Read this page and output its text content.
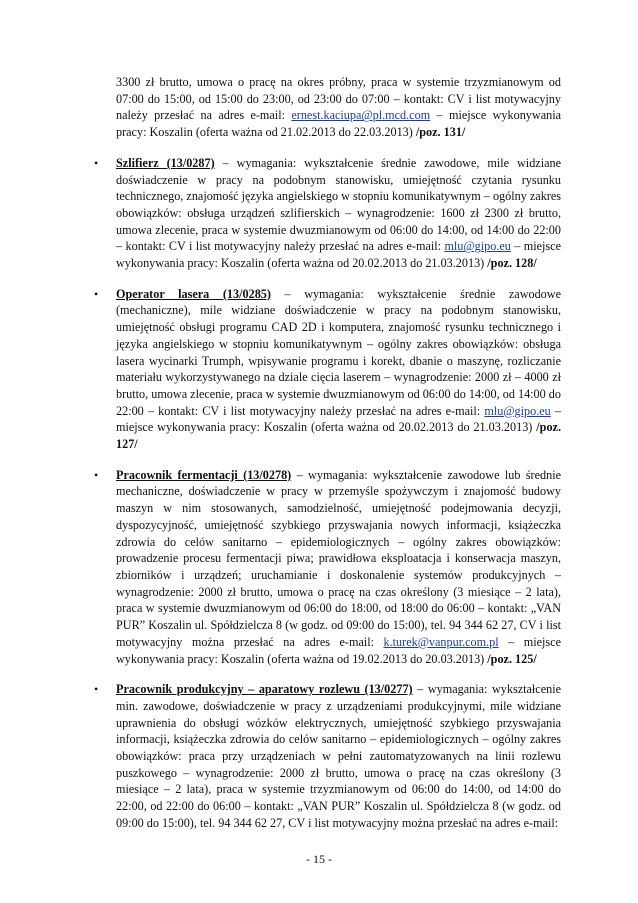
3300 zł brutto, umowa o pracę na okres próbny, praca w systemie trzyzmianowym od 07:00 do 15:00, od 15:00 do 23:00, od 23:00 do 07:00 – kontakt: CV i list motywacyjny należy przesłać na adres e-mail: ernest.kaciupa@pl.mcd.com – miejsce wykonywania pracy: Koszalin (oferta ważna od 21.02.2013 do 22.03.2013) /poz. 131/

• Szlifierz (13/0287) – wymagania: wykształcenie średnie zawodowe, mile widziane doświadczenie w pracy na podobnym stanowisku, umiejętność czytania rysunku technicznego, znajomość języka angielskiego w stopniu komunikatywnym – ogólny zakres obowiązków: obsługa urządzeń szlifierskich – wynagrodzenie: 1600 zł 2300 zł brutto, umowa zlecenie, praca w systemie dwuzmianowym od 06:00 do 14:00, od 14:00 do 22:00 – kontakt: CV i list motywacyjny należy przesłać na adres e-mail: mlu@gipo.eu – miejsce wykonywania pracy: Koszalin (oferta ważna od 20.02.2013 do 21.03.2013) /poz. 128/

• Operator lasera (13/0285) – wymagania: wykształcenie średnie zawodowe (mechaniczne), mile widziane doświadczenie w pracy na podobnym stanowisku, umiejętność obsługi programu CAD 2D i komputera, znajomość rysunku technicznego i języka angielskiego w stopniu komunikatywnym – ogólny zakres obowiązków: obsługa lasera wycinarki Trumph, wpisywanie programu i korekt, dbanie o maszynę, rozliczanie materiału wykorzystywanego na dziale cięcia laserem – wynagrodzenie: 2000 zł – 4000 zł brutto, umowa zlecenie, praca w systemie dwuzmianowym od 06:00 do 14:00, od 14:00 do 22:00 – kontakt: CV i list motywacyjny należy przesłać na adres e-mail: mlu@gipo.eu – miejsce wykonywania pracy: Koszalin (oferta ważna od 20.02.2013 do 21.03.2013) /poz. 127/

• Pracownik fermentacji (13/0278) – wymagania: wykształcenie zawodowe lub średnie mechaniczne, doświadczenie w pracy w przemyśle spożywczym i znajomość budowy maszyn w nim stosowanych, samodzielność, umiejętność podejmowania decyzji, dyspozycyjność, umiejętność szybkiego przyswajania nowych informacji, książeczka zdrowia do celów sanitarno – epidemiologicznych – ogólny zakres obowiązków: prowadzenie procesu fermentacji piwa; prawidłowa eksploatacja i konserwacja maszyn, zbiorników i urządzeń; uruchamianie i doskonalenie systemów produkcyjnych – wynagrodzenie: 2000 zł brutto, umowa o pracę na czas określony (3 miesiące – 2 lata), praca w systemie dwuzmianowym od 06:00 do 18:00, od 18:00 do 06:00 – kontakt: „VAN PUR” Koszalin ul. Spółdzielcza 8 (w godz. od 09:00 do 15:00), tel. 94 344 62 27, CV i list motywacyjny można przesłać na adres e-mail: k.turek@vanpur.com.pl – miejsce wykonywania pracy: Koszalin (oferta ważna od 19.02.2013 do 20.03.2013) /poz. 125/

• Pracownik produkcyjny – aparatowy rozlewu (13/0277) – wymagania: wykształcenie min. zawodowe, doświadczenie w pracy z urządzeniami produkcyjnymi, mile widziane uprawnienia do obsługi wózków elektrycznych, umiejętność szybkiego przyswajania informacji, książeczka zdrowia do celów sanitarno – epidemiologicznych – ogólny zakres obowiązków: praca przy urządzeniach w pełni zautomatyzowanych na linii rozlewu puszkowego – wynagrodzenie: 2000 zł brutto, umowa o pracę na czas określony (3 miesiące – 2 lata), praca w systemie trzyzmianowym od 06:00 do 14:00, od 14:00 do 22:00, od 22:00 do 06:00 – kontakt: „VAN PUR” Koszalin ul. Spółdzielcza 8 (w godz. od 09:00 do 15:00), tel. 94 344 62 27, CV i list motywacyjny można przesłać na adres e-mail:

- 15 -
